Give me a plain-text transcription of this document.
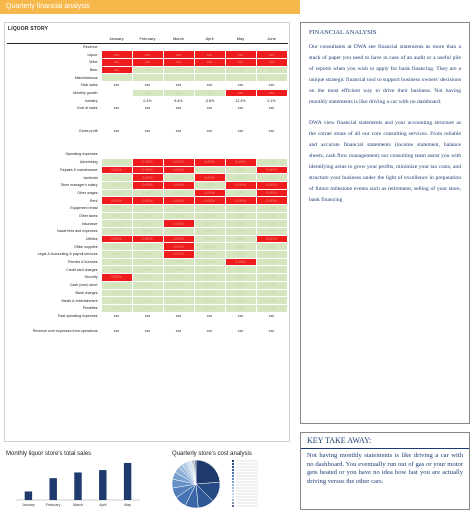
Quarterly financial analysis
LIQUOR STORY
	January	February	March	April	May	June
Revenue						
Liquor	xxx	xxx	xxx	xxx	xxx	xxx
Wine	xxx	xxx	xxx	xxx	xxx	xxx
Beer	xxx	xxx	xxx	xxx	xxx	xxx
Miscellaneous						
Total sales	xxx	xxx	xxx	xxx	xxx	xxx
Monthly growth		xxx	xxx	xxx	xxx	xxx
Industry		0.4%	8.4%	-3.8%	12.4%	0.1%
Cost of sales	xxx	xxx	xxx	xxx	xxx	xxx

Gross profit	xxx	xxx	xxx	xxx	xxx	xxx

Operating expenses						
Advertising	0.00%	0.00%	0.00%	0.00%	0.00%	0.00%
Repairs & maintenance	0.00%	0.00%	0.00%	0.00%	0.00%	0.00%
Janitorial	0.00%	0.00%	0.00%	0.00%	0.00%	0.00%
Store manager's salary	0.00%	0.00%	0.00%	0.00%	0.00%	0.00%
Other wages	0.00%	0.00%	0.00%	0.00%	0.00%	0.00%
Rent	0.00%	0.00%	0.00%	0.00%	0.00%	0.00%
Equipment rental	0.00%	0.00%	0.00%	0.00%	0.00%	0.00%
Other taxes	0.00%	0.00%	0.00%	0.00%	0.00%	0.00%
Insurance	0.00%	0.00%	0.00%	0.00%	0.00%	0.00%
Naval fees and expenses	0.00%	0.00%	0.00%	0.00%	0.00%	0.00%
Utilities	0.00%	0.00%	0.00%	0.00%	0.00%	0.00%
Office supplies	0.00%	0.00%	0.00%	0.00%	0.00%	0.00%
Legal & Accounting & payroll services	0.00%	0.00%	0.00%	0.00%	0.00%	0.00%
Permits & licenses	0.00%	0.00%	0.00%	0.00%	0.00%	0.00%
Credit card charges	0.00%	0.00%	0.00%	0.00%	0.00%	0.00%
Security	0.00%	0.00%	0.00%	0.00%	0.00%	0.00%
Cash (over) short	0.00%	0.00%	0.00%	0.00%	0.00%	0.00%
Bank charges	0.00%	0.00%	0.00%	0.00%	0.00%	0.00%
Meals & entertainment	0.00%	0.00%	0.00%	0.00%	0.00%	0.00%
Penalties	0.00%	0.00%	0.00%	0.00%	0.00%	0.00%
Total operating expenses	xxx	xxx	xxx	xxx	xxx	xxx

Revenue over expenses from operations	xxx	xxx	xxx	xxx	xxx	xxx
FINANCIAL ANALYSIS

Our consultants at DWA see financial statements as more than a stack of paper you need to have in case of an audit or a useful pile of reports when you wish to apply for bank financing. They are a unique strategic financial tool to support business owners' decisions on the most efficient way to drive their business. Not having monthly statements is like driving a car with no dashboard.

DWA view financial statements and your accounting structure as the corner stone of all our core consulting services. From reliable and accurate financial statements (income statement, balance sheets, cash flow management) our consulting team assist you with identifying areas to grow your profits, minimize your tax costs, and structure your business under the light of excellence in preparation of future milestone events such as retirement, selling of your store, bank financing

KEY TAKE AWAY:
Not having monthly statements is like driving a car with no dashboard. You eventually run out of gas or your motor gets heated or you have no idea how fast you are actually driving versus the other cars.
Monthly liquor store's total sales
January	February	March	April	May
Quarterly store's cost analysis
